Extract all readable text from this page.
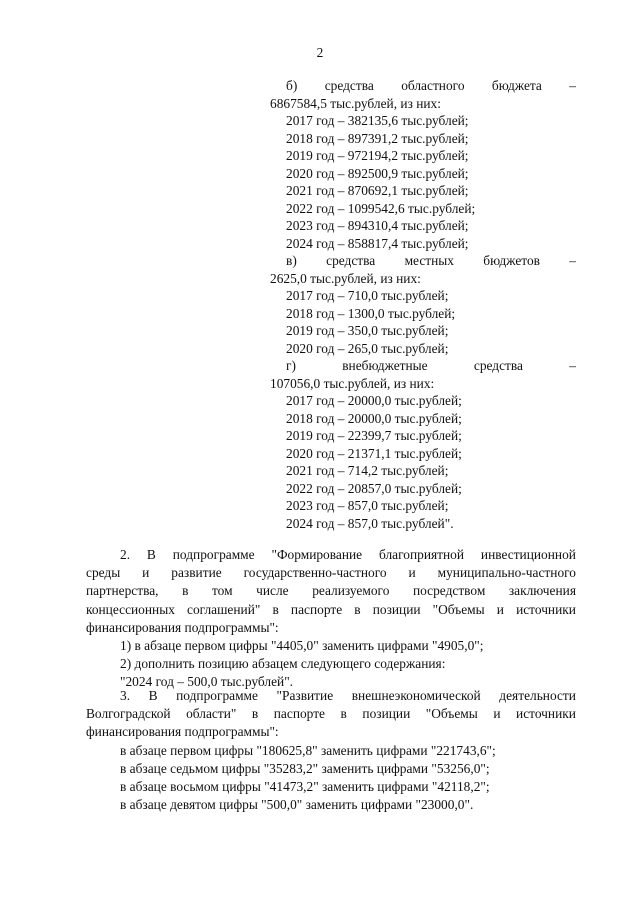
2
б) средства областного бюджета –
6867584,5 тыс.рублей, из них:
2017 год – 382135,6 тыс.рублей;
2018 год – 897391,2 тыс.рублей;
2019 год – 972194,2 тыс.рублей;
2020 год – 892500,9 тыс.рублей;
2021 год – 870692,1 тыс.рублей;
2022 год – 1099542,6 тыс.рублей;
2023 год – 894310,4 тыс.рублей;
2024 год – 858817,4 тыс.рублей;
в) средства местных бюджетов –
2625,0 тыс.рублей, из них:
2017 год – 710,0 тыс.рублей;
2018 год – 1300,0 тыс.рублей;
2019 год – 350,0 тыс.рублей;
2020 год – 265,0 тыс.рублей;
г)	внебюджетные	средства	–
107056,0 тыс.рублей, из них:
2017 год – 20000,0 тыс.рублей;
2018 год – 20000,0 тыс.рублей;
2019 год – 22399,7 тыс.рублей;
2020 год – 21371,1 тыс.рублей;
2021 год – 714,2 тыс.рублей;
2022 год – 20857,0 тыс.рублей;
2023 год – 857,0 тыс.рублей;
2024 год – 857,0 тыс.рублей".
2. В подпрограмме "Формирование благоприятной инвестиционной
среды и развитие государственно-частного и муниципально-частного
партнерства, в том числе реализуемого посредством заключения
концессионных соглашений" в паспорте в позиции "Объемы и источники
финансирования подпрограммы":
1) в абзаце первом цифры "4405,0" заменить цифрами "4905,0";
2) дополнить позицию абзацем следующего содержания:
"2024 год – 500,0 тыс.рублей".
3. В подпрограмме "Развитие внешнеэкономической деятельности
Волгоградской области" в паспорте в позиции "Объемы и источники
финансирования подпрограммы":
в абзаце первом цифры "180625,8" заменить цифрами "221743,6";
в абзаце седьмом цифры "35283,2" заменить цифрами "53256,0";
в абзаце восьмом цифры "41473,2" заменить цифрами "42118,2";
в абзаце девятом цифры "500,0" заменить цифрами "23000,0".
